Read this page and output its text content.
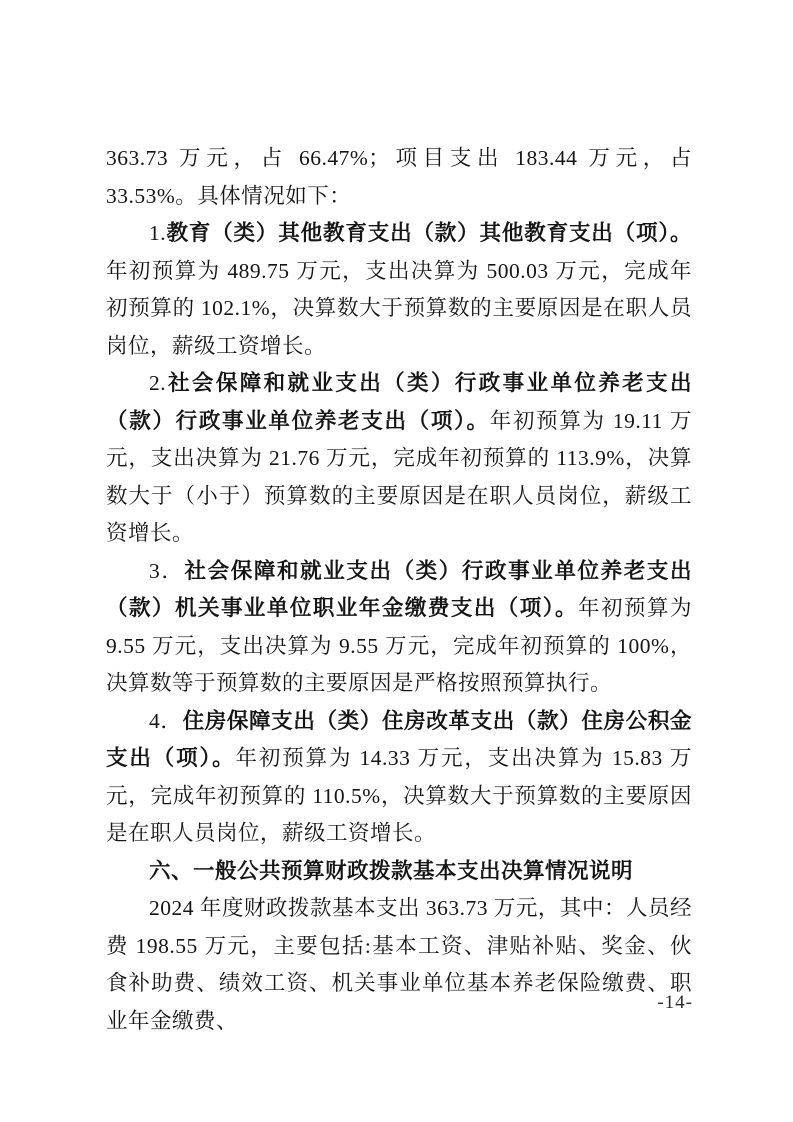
363.73 万元，占 66.47%；项目支出 183.44 万元，占 33.53%。具体情况如下：

1.教育（类）其他教育支出（款）其他教育支出（项）。年初预算为 489.75 万元，支出决算为 500.03 万元，完成年初预算的 102.1%，决算数大于预算数的主要原因是在职人员岗位，薪级工资增长。

2.社会保障和就业支出（类）行政事业单位养老支出（款）行政事业单位养老支出（项）。年初预算为 19.11 万元，支出决算为 21.76 万元，完成年初预算的 113.9%，决算数大于（小于）预算数的主要原因是在职人员岗位，薪级工资增长。

3．社会保障和就业支出（类）行政事业单位养老支出（款）机关事业单位职业年金缴费支出（项）。年初预算为 9.55 万元，支出决算为 9.55 万元，完成年初预算的 100%，决算数等于预算数的主要原因是严格按照预算执行。

4．住房保障支出（类）住房改革支出（款）住房公积金支出（项）。年初预算为 14.33 万元，支出决算为 15.83 万元，完成年初预算的 110.5%，决算数大于预算数的主要原因是在职人员岗位，薪级工资增长。

六、一般公共预算财政拨款基本支出决算情况说明

2024 年度财政拨款基本支出 363.73 万元，其中：人员经费 198.55 万元，主要包括:基本工资、津贴补贴、奖金、伙食补助费、绩效工资、机关事业单位基本养老保险缴费、职业年金缴费、

-14-
